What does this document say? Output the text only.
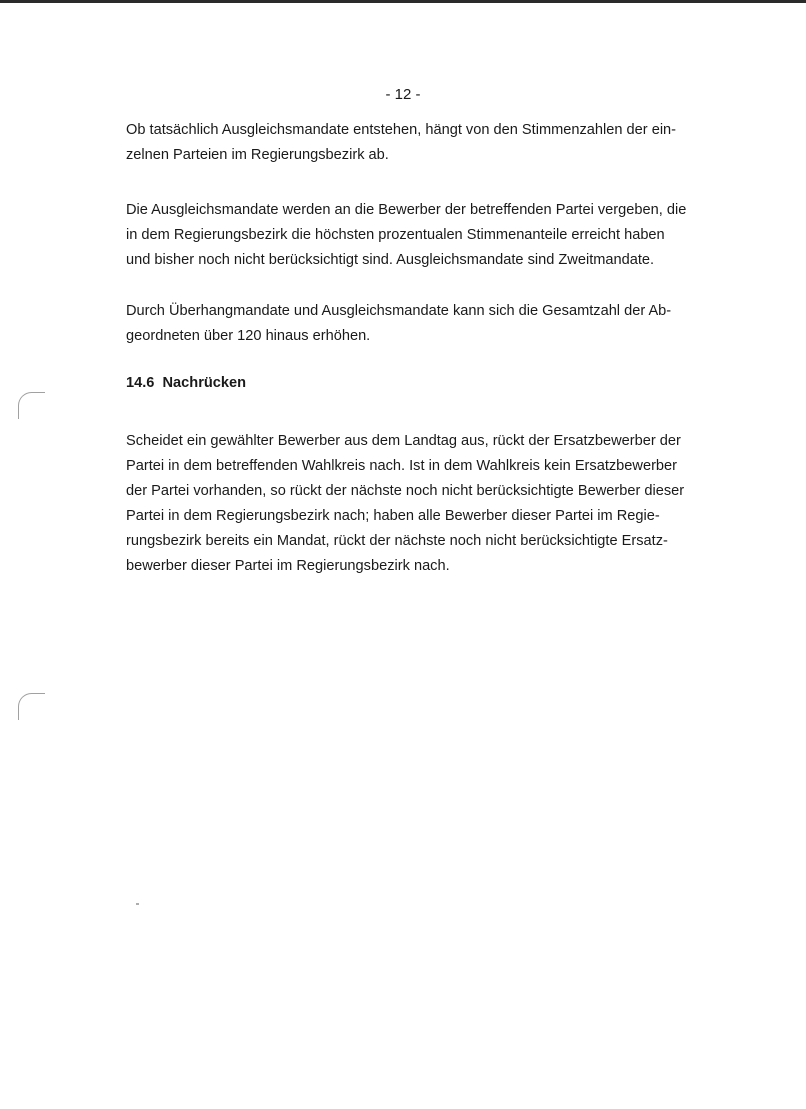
- 12 -
Ob tatsächlich Ausgleichsmandate entstehen, hängt von den Stimmenzahlen der ein-
zelnen Parteien im Regierungsbezirk ab.
Die Ausgleichsmandate werden an die Bewerber der betreffenden Partei vergeben, die
in dem Regierungsbezirk die höchsten prozentualen Stimmenanteile erreicht haben
und bisher noch nicht berücksichtigt sind. Ausgleichsmandate sind Zweitmandate.
Durch Überhangmandate und Ausgleichsmandate kann sich die Gesamtzahl der Ab-
geordneten über 120 hinaus erhöhen.
14.6  Nachrücken
Scheidet ein gewählter Bewerber aus dem Landtag aus, rückt der Ersatzbewerber der
Partei in dem betreffenden Wahlkreis nach. Ist in dem Wahlkreis kein Ersatzbewerber
der Partei vorhanden, so rückt der nächste noch nicht berücksichtigte Bewerber dieser
Partei in dem Regierungsbezirk nach; haben alle Bewerber dieser Partei im Regie-
rungsbezirk bereits ein Mandat, rückt der nächste noch nicht berücksichtigte Ersatz-
bewerber dieser Partei im Regierungsbezirk nach.
